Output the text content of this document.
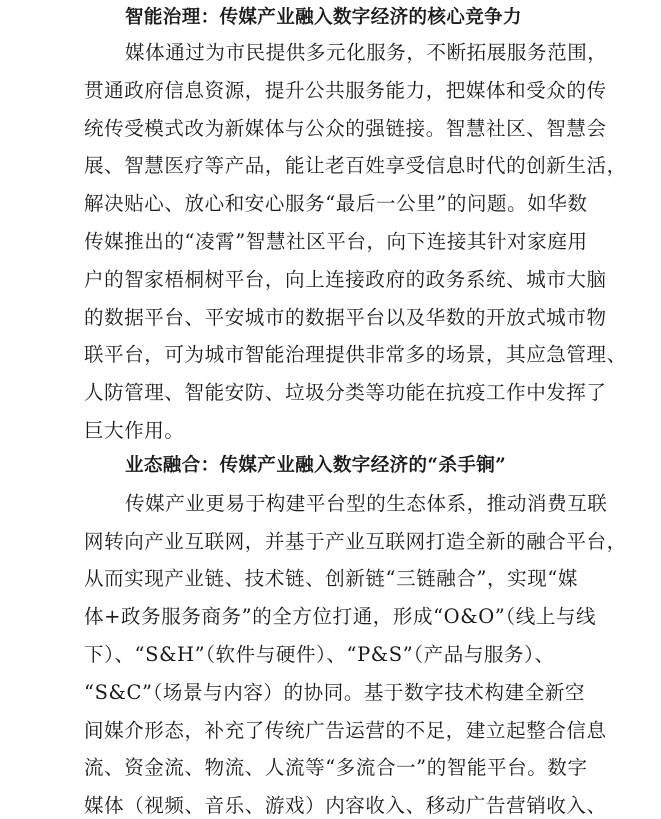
智能治理：传媒产业融入数字经济的核心竞争力
媒体通过为市民提供多元化服务，不断拓展服务范围，
贯通政府信息资源，提升公共服务能力，把媒体和受众的传
统传受模式改为新媒体与公众的强链接。智慧社区、智慧会
展、智慧医疗等产品，能让老百姓享受信息时代的创新生活，
解决贴心、放心和安心服务“最后一公里”的问题。如华数
传媒推出的“凌霄”智慧社区平台，向下连接其针对家庭用
户的智家梧桐树平台，向上连接政府的政务系统、城市大脑
的数据平台、平安城市的数据平台以及华数的开放式城市物
联平台，可为城市智能治理提供非常多的场景，其应急管理、
人防管理、智能安防、垃圾分类等功能在抗疫工作中发挥了
巨大作用。
业态融合：传媒产业融入数字经济的“杀手锏”
传媒产业更易于构建平台型的生态体系，推动消费互联
网转向产业互联网，并基于产业互联网打造全新的融合平台，
从而实现产业链、技术链、创新链“三链融合”，实现“媒
体+政务服务商务”的全方位打通，形成“O&O”（线上与线
下）、“S&H”（软件与硬件）、“P&S”（产品与服务）、
“S&C”（场景与内容）的协同。基于数字技术构建全新空
间媒介形态，补充了传统广告运营的不足，建立起整合信息
流、资金流、物流、人流等“多流合一”的智能平台。数字
媒体（视频、音乐、游戏）内容收入、移动广告营销收入、
